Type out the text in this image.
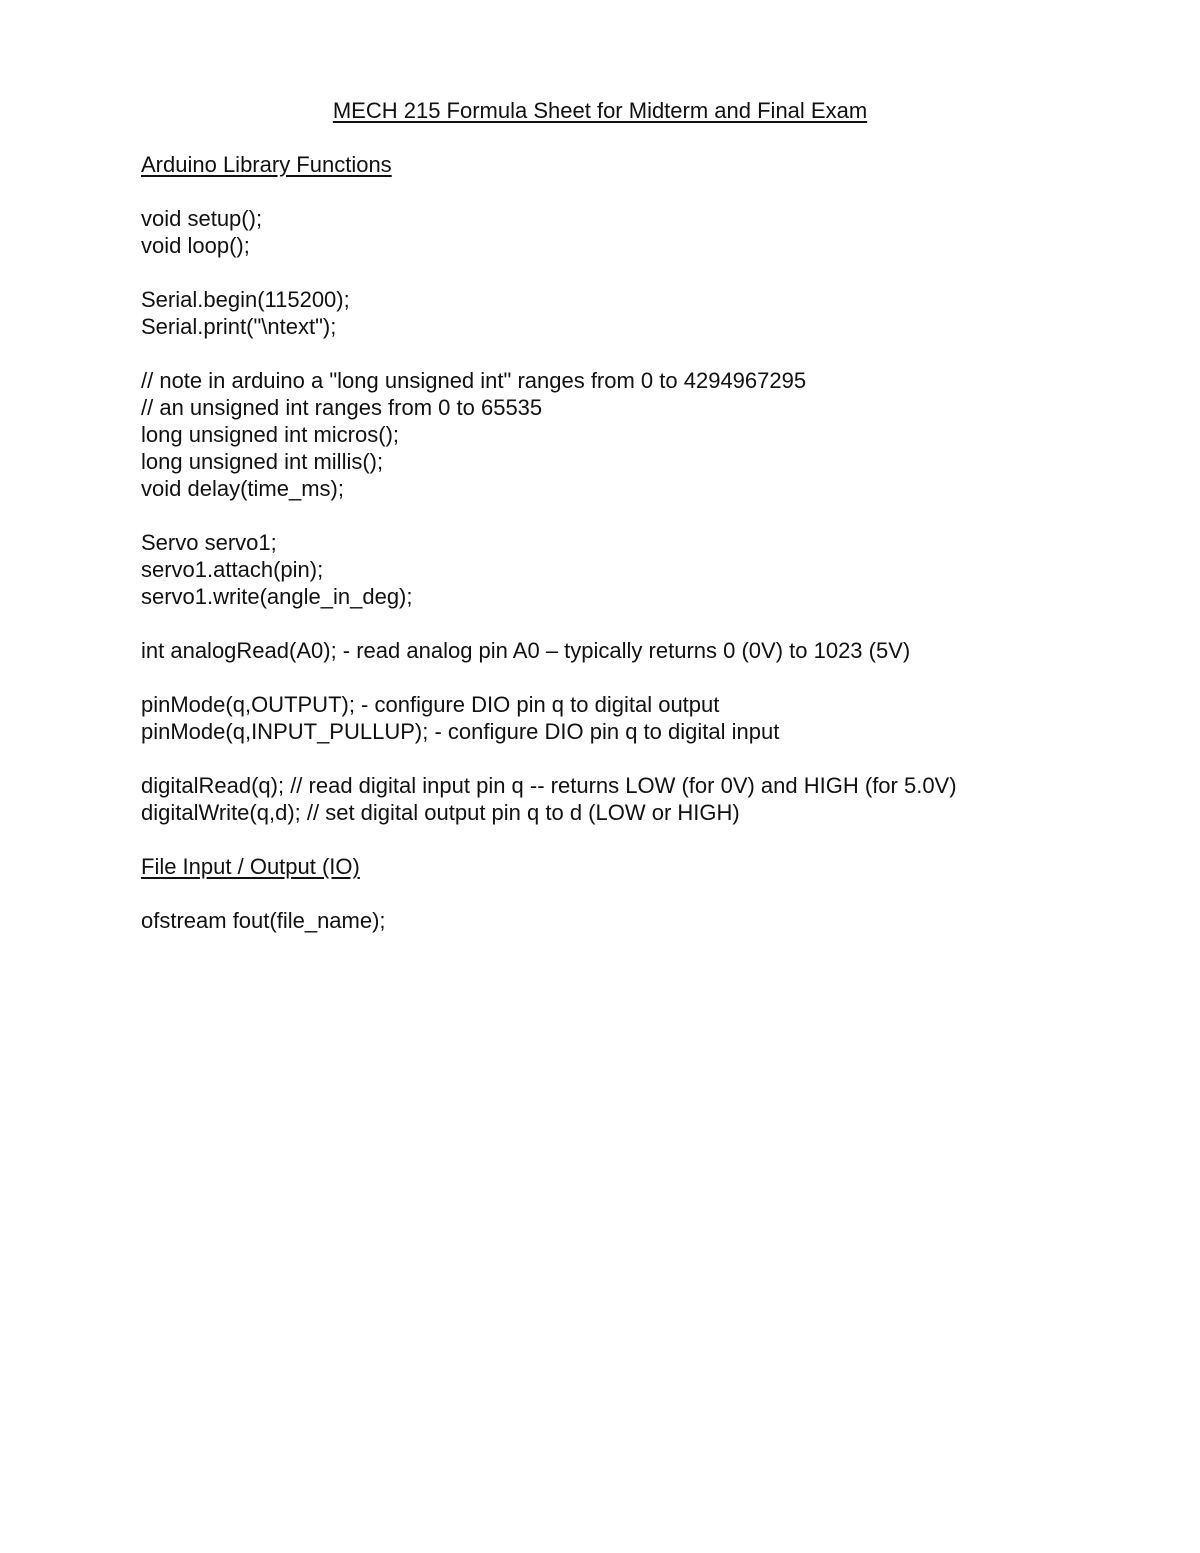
MECH 215 Formula Sheet for Midterm and Final Exam
Arduino Library Functions
void setup();
void loop();
Serial.begin(115200);
Serial.print("\ntext");
// note in arduino a "long unsigned int" ranges from 0 to 4294967295
// an unsigned int ranges from 0 to 65535
long unsigned int micros();
long unsigned int millis();
void delay(time_ms);
Servo servo1;
servo1.attach(pin);
servo1.write(angle_in_deg);
int analogRead(A0); - read analog pin A0 – typically returns 0 (0V) to 1023 (5V)
pinMode(q,OUTPUT); - configure DIO pin q to digital output
pinMode(q,INPUT_PULLUP); - configure DIO pin q to digital input
digitalRead(q); // read digital input pin q -- returns LOW (for 0V) and HIGH (for 5.0V)
digitalWrite(q,d); // set digital output pin q to d (LOW or HIGH)
File Input / Output (IO)
ofstream fout(file_name);
